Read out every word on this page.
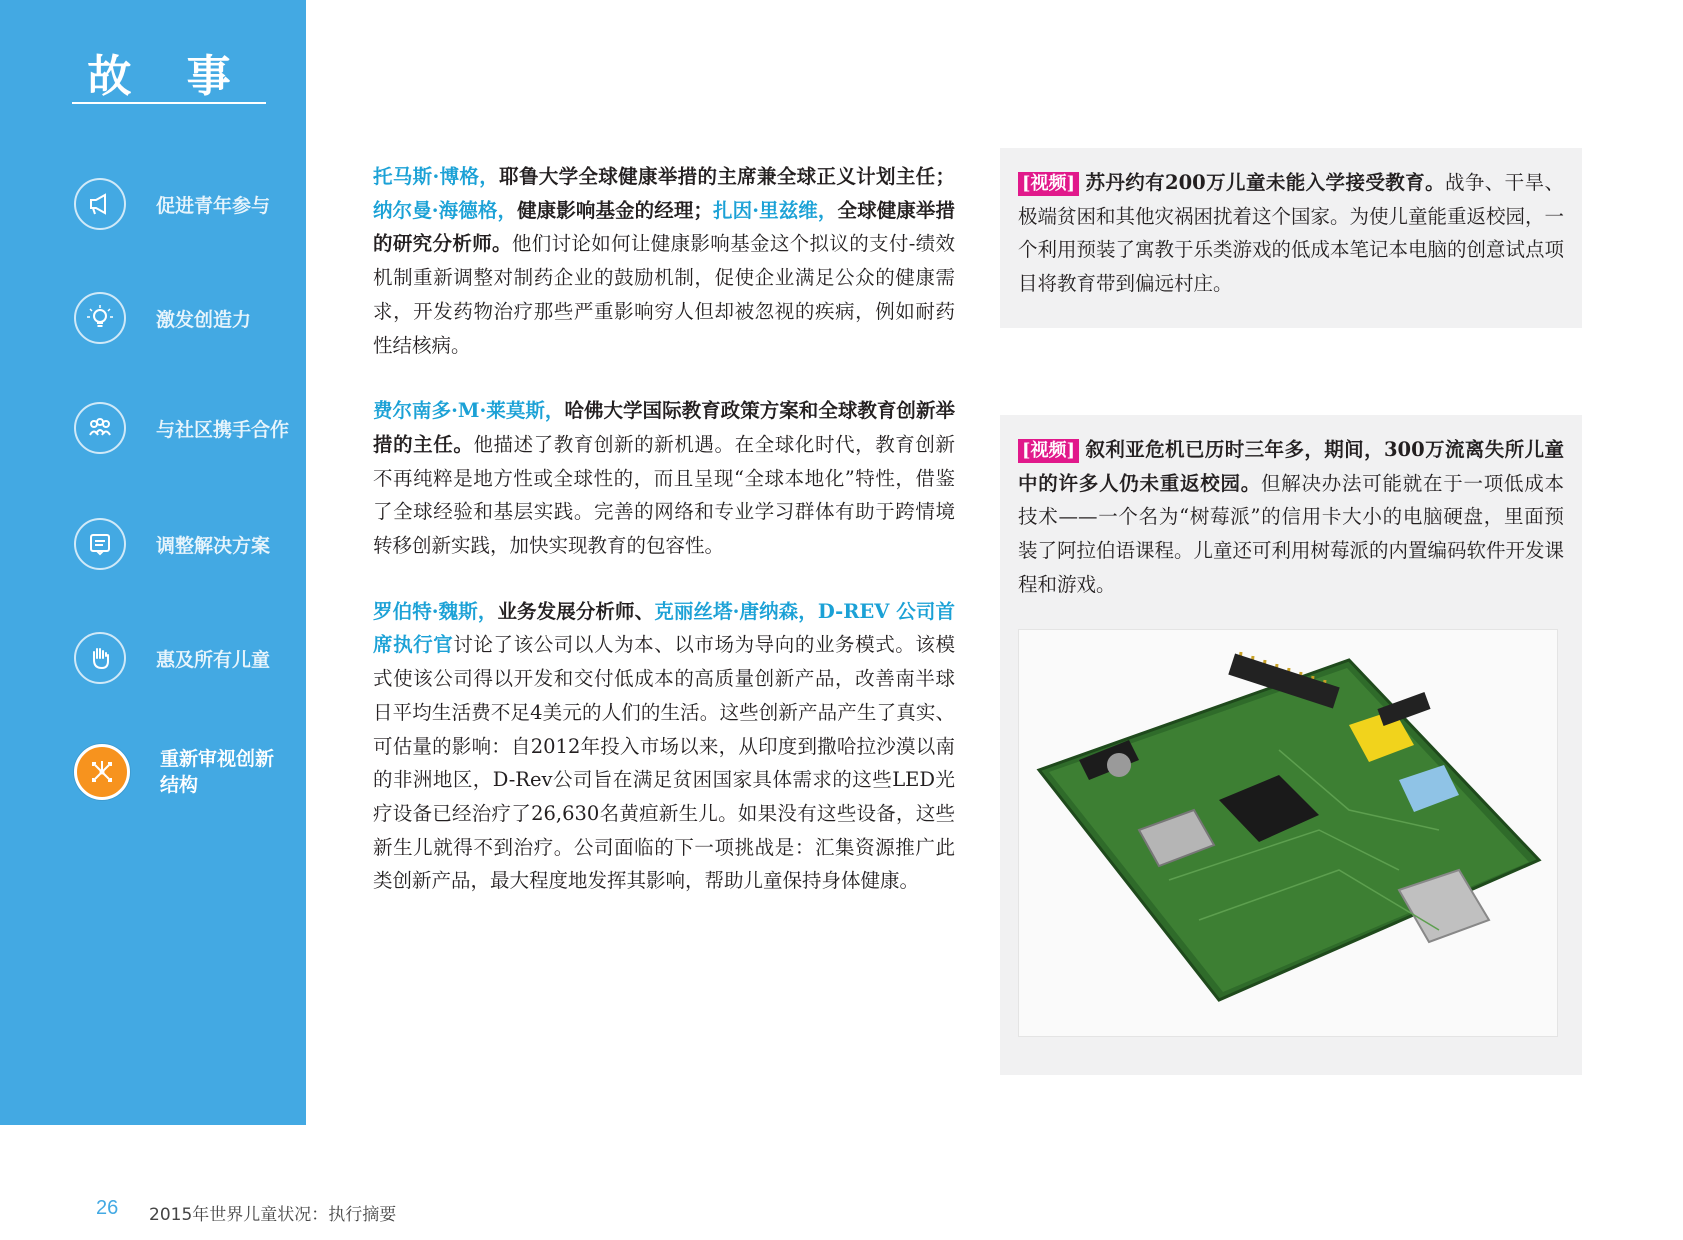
故 事
促进青年参与
激发创造力
与社区携手合作
调整解决方案
惠及所有儿童
重新审视创新结构

托马斯·博格，耶鲁大学全球健康举措的主席兼全球正义计划主任；纳尔曼·海德格，健康影响基金的经理；扎因·里兹维，全球健康举措的研究分析师。他们讨论如何让健康影响基金这个拟议的支付-绩效机制重新调整对制药企业的鼓励机制，促使企业满足公众的健康需求，开发药物治疗那些严重影响穷人但却被忽视的疾病，例如耐药性结核病。

费尔南多·M·莱莫斯，哈佛大学国际教育政策方案和全球教育创新举措的主任。他描述了教育创新的新机遇。在全球化时代，教育创新不再纯粹是地方性或全球性的，而且呈现“全球本地化”特性，借鉴了全球经验和基层实践。完善的网络和专业学习群体有助于跨情境转移创新实践，加快实现教育的包容性。

罗伯特·魏斯，业务发展分析师、克丽丝塔·唐纳森，D-REV 公司首席执行官讨论了该公司以人为本、以市场为导向的业务模式。该模式使该公司得以开发和交付低成本的高质量创新产品，改善南半球日平均生活费不足4美元的人们的生活。这些创新产品产生了真实、可估量的影响：自2012年投入市场以来，从印度到撒哈拉沙漠以南的非洲地区，D-Rev公司旨在满足贫困国家具体需求的这些LED光疗设备已经治疗了26,630名黄疸新生儿。如果没有这些设备，这些新生儿就得不到治疗。公司面临的下一项挑战是：汇集资源推广此类创新产品，最大程度地发挥其影响，帮助儿童保持身体健康。

[视频] 苏丹约有200万儿童未能入学接受教育。战争、干旱、极端贫困和其他灾祸困扰着这个国家。为使儿童能重返校园，一个利用预装了寓教于乐类游戏的低成本笔记本电脑的创意试点项目将教育带到偏远村庄。
[视频] 叙利亚危机已历时三年多，期间，300万流离失所儿童中的许多人仍未重返校园。但解决办法可能就在于一项低成本技术——一个名为“树莓派”的信用卡大小的电脑硬盘，里面预装了阿拉伯语课程。儿童还可利用树莓派的内置编码软件开发课程和游戏。
26 2015年世界儿童状况：执行摘要
